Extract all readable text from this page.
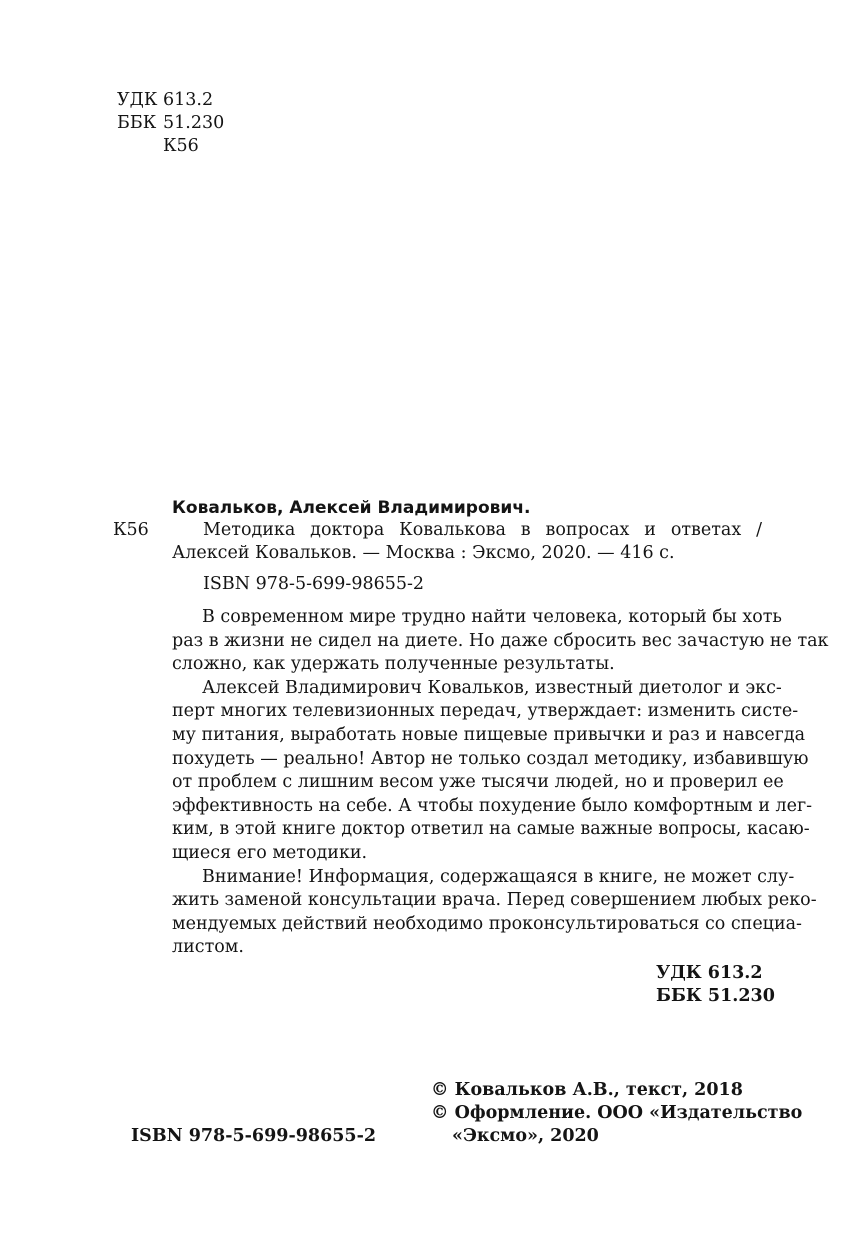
УДК 613.2
ББК 51.230
К56
Ковальков, Алексей Владимирович.
К56	Методика доктора Ковалькова в вопросах и ответах /
Алексей Ковальков. — Москва : Эксмо, 2020. — 416 с.
ISBN 978-5-699-98655-2
В современном мире трудно найти человека, который бы хоть
раз в жизни не сидел на диете. Но даже сбросить вес зачастую не так
сложно, как удержать полученные результаты.
Алексей Владимирович Ковальков, известный диетолог и экс-
перт многих телевизионных передач, утверждает: изменить систе-
му питания, выработать новые пищевые привычки и раз и навсегда
похудеть — реально! Автор не только создал методику, избавившую
от проблем с лишним весом уже тысячи людей, но и проверил ее
эффективность на себе. А чтобы похудение было комфортным и лег-
ким, в этой книге доктор ответил на самые важные вопросы, касаю-
щиеся его методики.
Внимание! Информация, содержащаяся в книге, не может слу-
жить заменой консультации врача. Перед совершением любых реко-
мендуемых действий необходимо проконсультироваться со специа-
листом.
УДК 613.2
ББК 51.230
ISBN 978-5-699-98655-2
© Ковальков А.В., текст, 2018
© Оформление. ООО «Издательство
«Эксмо», 2020
